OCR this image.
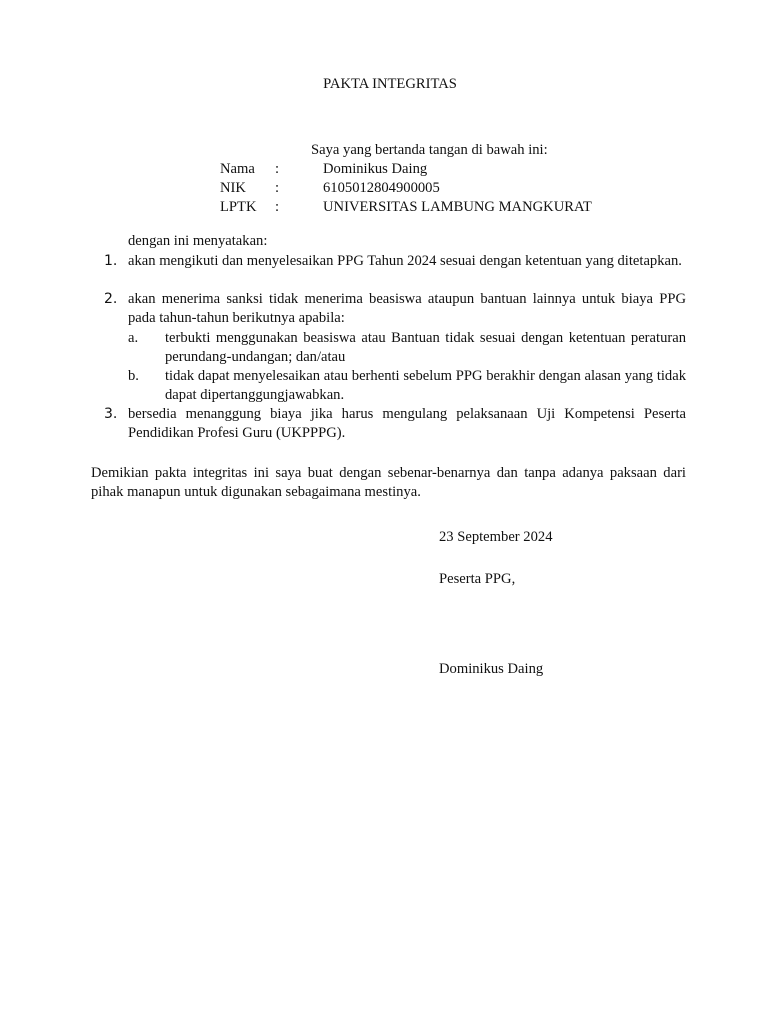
PAKTA INTEGRITAS
Saya yang bertanda tangan di bawah ini:
Nama :	Dominikus Daing
NIK :	6105012804900005
LPTK :	UNIVERSITAS LAMBUNG MANGKURAT
dengan ini menyatakan:
1. akan mengikuti dan menyelesaikan PPG Tahun 2024 sesuai dengan ketentuan yang ditetapkan.
2. akan menerima sanksi tidak menerima beasiswa ataupun bantuan lainnya untuk biaya PPG pada tahun-tahun berikutnya apabila:
a. terbukti menggunakan beasiswa atau Bantuan tidak sesuai dengan ketentuan peraturan perundang-undangan; dan/atau
b. tidak dapat menyelesaikan atau berhenti sebelum PPG berakhir dengan alasan yang tidak dapat dipertanggungjawabkan.
3. bersedia menanggung biaya jika harus mengulang pelaksanaan Uji Kompetensi Peserta Pendidikan Profesi Guru (UKPPPG).
Demikian pakta integritas ini saya buat dengan sebenar-benarnya dan tanpa adanya paksaan dari pihak manapun untuk digunakan sebagaimana mestinya.
23 September 2024
Peserta PPG,
Dominikus Daing
